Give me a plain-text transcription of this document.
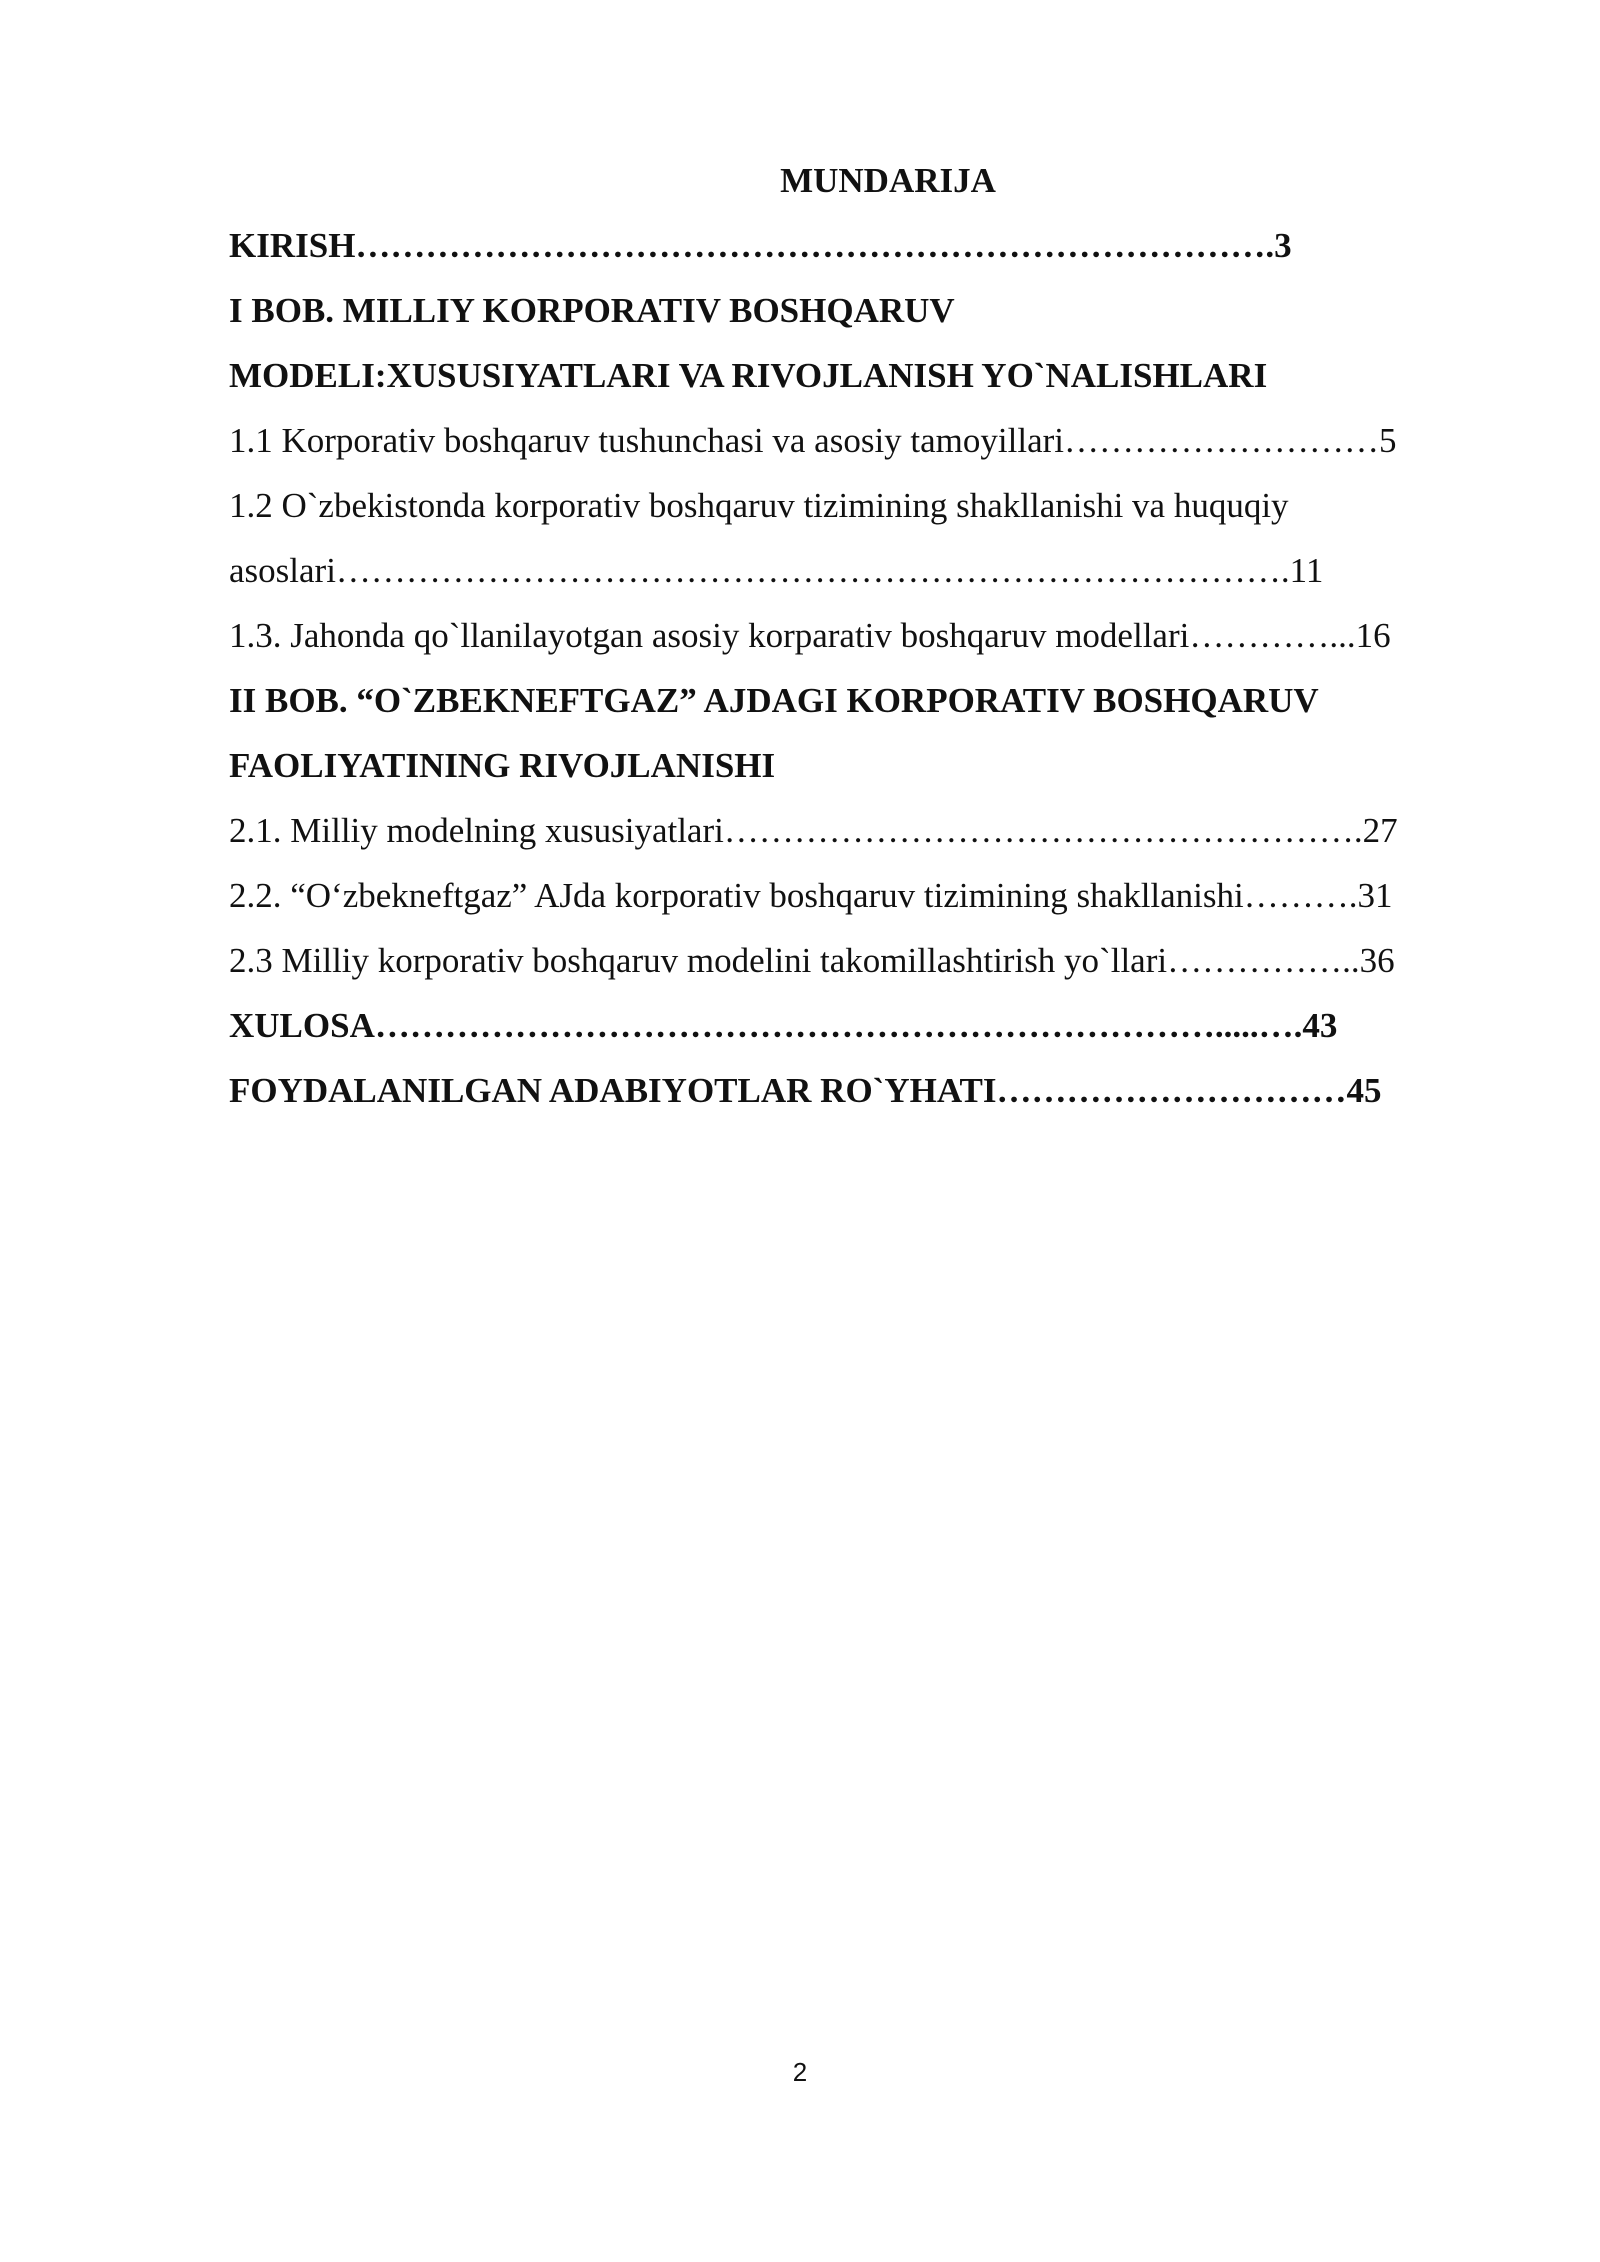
MUNDARIJA
KIRISH…………………………………………………………………….3
I BOB. MILLIY KORPORATIV BOSHQARUV
MODELI:XUSUSIYATLARI VA RIVOJLANISH YO`NALISHLARI
1.1 Korporativ boshqaruv tushunchasi va asosiy tamoyillari………………………5
1.2 O`zbekistonda korporativ boshqaruv tizimining shakllanishi va huquqiy
asoslari……………………………………………………………………….11
1.3. Jahonda qo`llanilayotgan asosiy korparativ boshqaruv modellari…………...16
II BOB. “O`ZBEKNEFTGAZ” AJDAGI KORPORATIV BOSHQARUV
FAOLIYATINING RIVOJLANISHI
2.1. Milliy modelning xususiyatlari……………………………………………….27
2.2. “O‘zbekneftgaz” AJda korporativ boshqaruv tizimining shakllanishi……….31
2.3 Milliy korporativ boshqaruv modelini takomillashtirish yo`llari……………..36
XULOSA……………………………………………………………….....….43
FOYDALANILGAN ADABIYOTLAR RO`YHATI…………………………45
2
